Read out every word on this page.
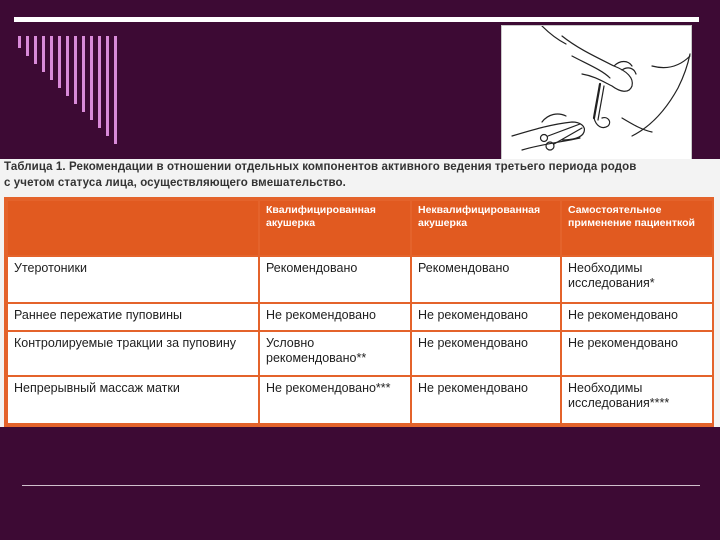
Таблица 1. Рекомендации в отношении отдельных компонентов активного ведения третьего периода родов
с учетом статуса лица, осуществляющего вмешательство.
	Квалифицированная акушерка	Неквалифицированная акушерка	Самостоятельное применение пациенткой
Утеротоники	Рекомендовано	Рекомендовано	Необходимы исследования*
Раннее пережатие пуповины	Не рекомендовано	Не рекомендовано	Не рекомендовано
Контролируемые тракции за пуповину	Условно рекомендовано**	Не рекомендовано	Не рекомендовано
Непрерывный массаж матки	Не рекомендовано***	Не рекомендовано	Необходимы исследования****
